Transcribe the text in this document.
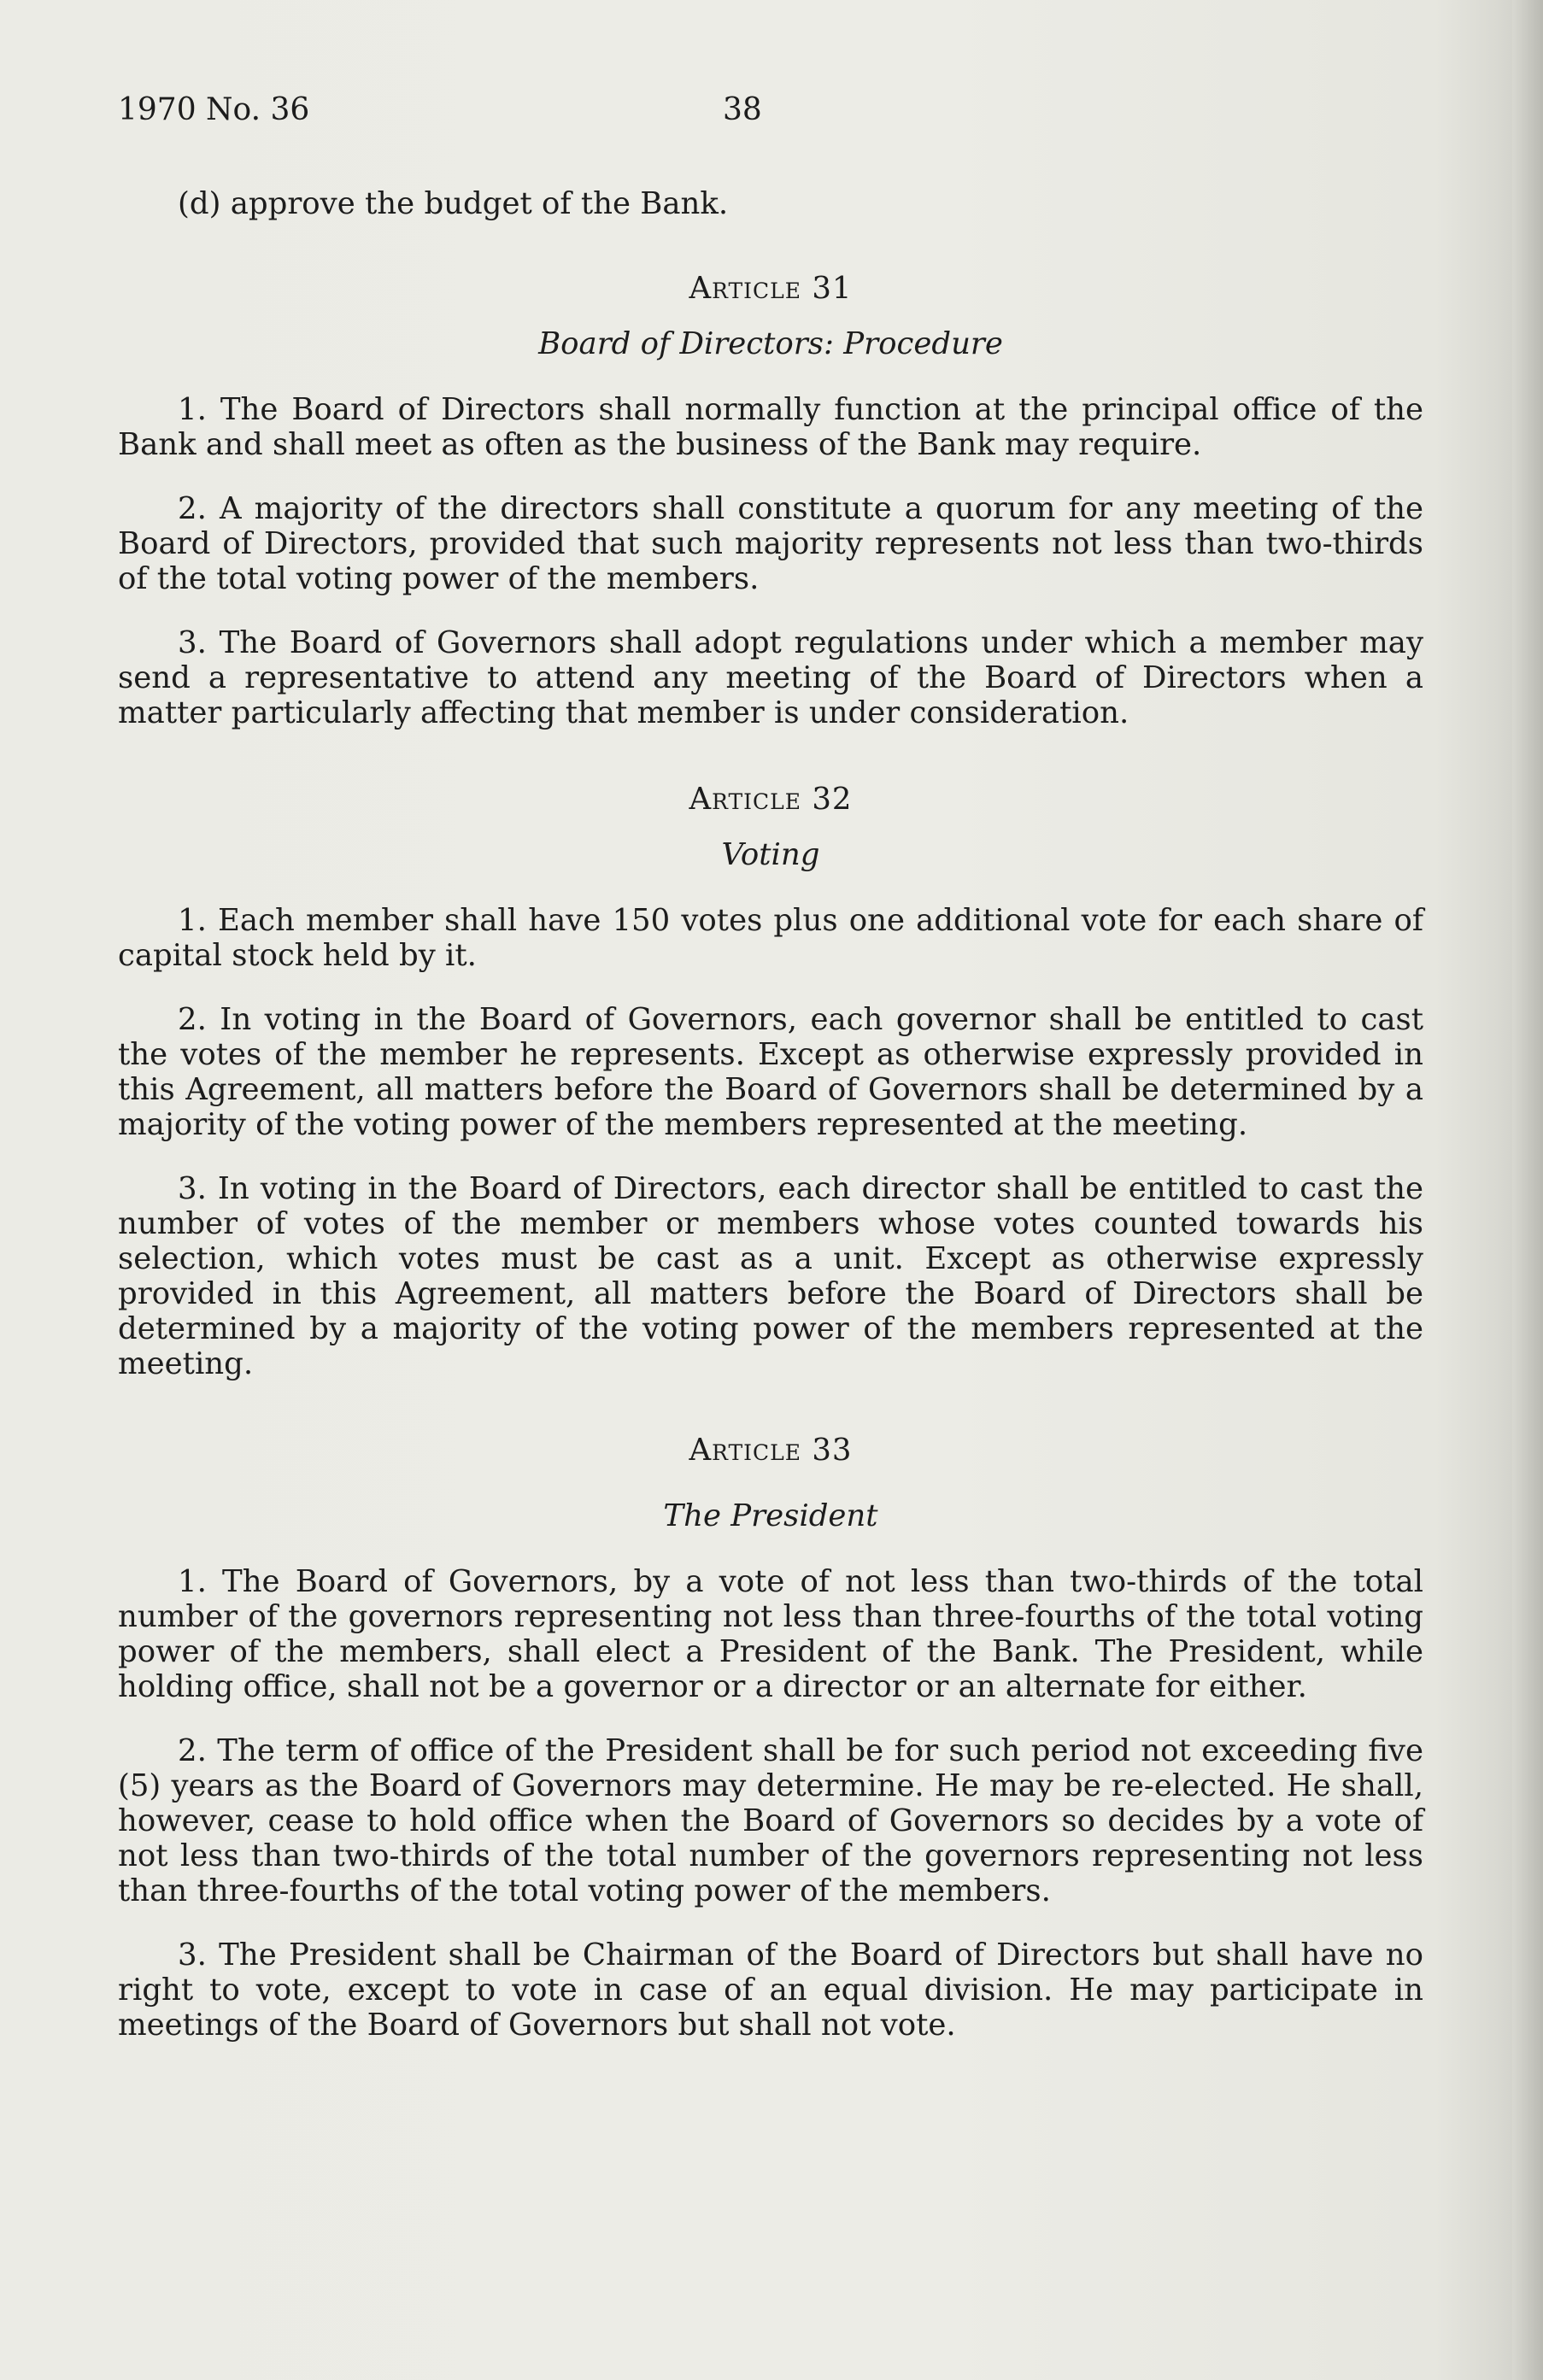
1970 No. 36	38

(d) approve the budget of the Bank.

Article 31
Board of Directors: Procedure

1. The Board of Directors shall normally function at the principal office of the Bank and shall meet as often as the business of the Bank may require.

2. A majority of the directors shall constitute a quorum for any meeting of the Board of Directors, provided that such majority represents not less than two-thirds of the total voting power of the members.

3. The Board of Governors shall adopt regulations under which a member may send a representative to attend any meeting of the Board of Directors when a matter particularly affecting that member is under consideration.

Article 32
Voting

1. Each member shall have 150 votes plus one additional vote for each share of capital stock held by it.

2. In voting in the Board of Governors, each governor shall be entitled to cast the votes of the member he represents. Except as otherwise expressly provided in this Agreement, all matters before the Board of Governors shall be determined by a majority of the voting power of the members represented at the meeting.

3. In voting in the Board of Directors, each director shall be entitled to cast the number of votes of the member or members whose votes counted towards his selection, which votes must be cast as a unit. Except as otherwise expressly provided in this Agreement, all matters before the Board of Directors shall be determined by a majority of the voting power of the members represented at the meeting.

Article 33
The President

1. The Board of Governors, by a vote of not less than two-thirds of the total number of the governors representing not less than three-fourths of the total voting power of the members, shall elect a President of the Bank. The President, while holding office, shall not be a governor or a director or an alternate for either.

2. The term of office of the President shall be for such period not exceeding five (5) years as the Board of Governors may determine. He may be re-elected. He shall, however, cease to hold office when the Board of Governors so decides by a vote of not less than two-thirds of the total number of the governors representing not less than three-fourths of the total voting power of the members.

3. The President shall be Chairman of the Board of Directors but shall have no right to vote, except to vote in case of an equal division. He may participate in meetings of the Board of Governors but shall not vote.
